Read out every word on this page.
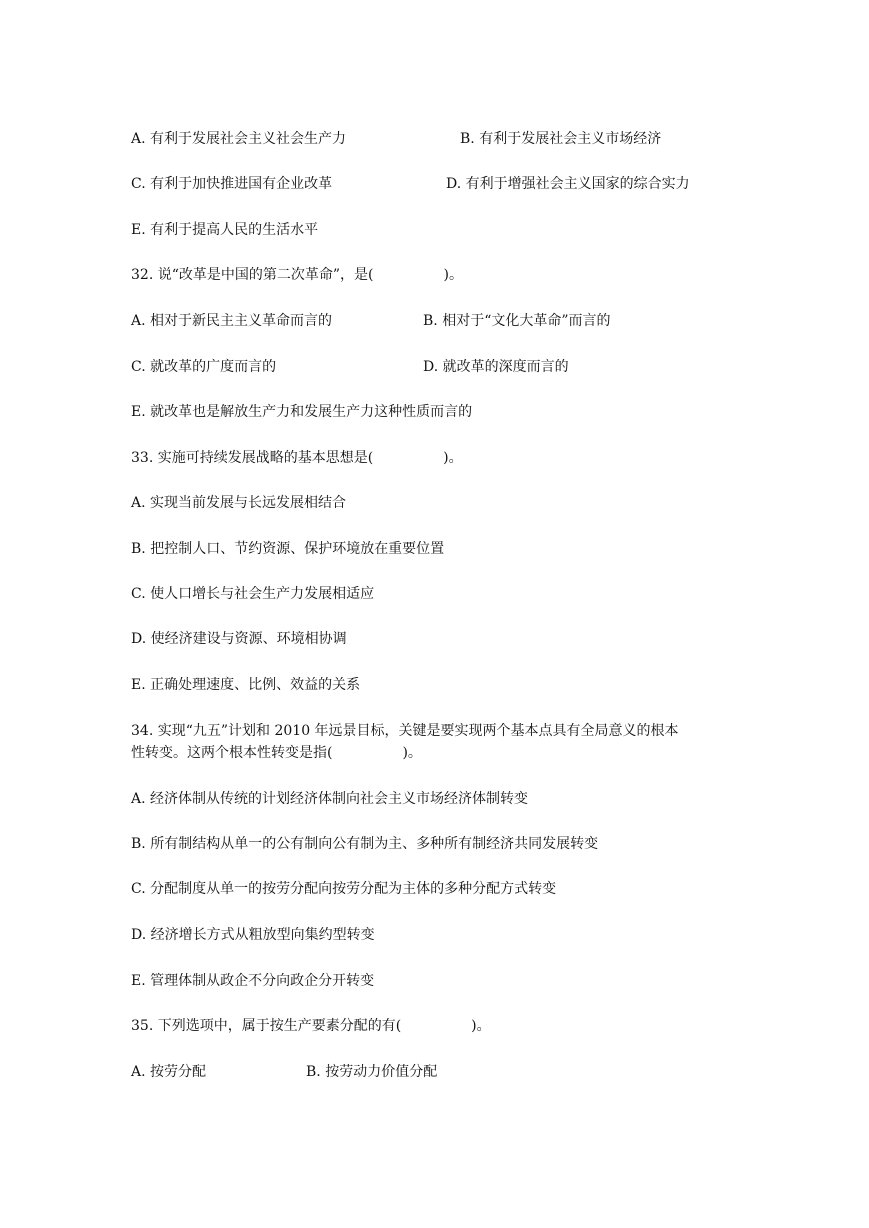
A. 有利于发展社会主义社会生产力	B. 有利于发展社会主义市场经济
C. 有利于加快推进国有企业改革	D. 有利于增强社会主义国家的综合实力
E. 有利于提高人民的生活水平
32. 说“改革是中国的第二次革命”，是(　　　　　)。
A. 相对于新民主主义革命而言的	B. 相对于“文化大革命”而言的
C. 就改革的广度而言的	D. 就改革的深度而言的
E. 就改革也是解放生产力和发展生产力这种性质而言的
33. 实施可持续发展战略的基本思想是(　　　　　)。
A. 实现当前发展与长远发展相结合
B. 把控制人口、节约资源、保护环境放在重要位置
C. 使人口增长与社会生产力发展相适应
D. 使经济建设与资源、环境相协调
E. 正确处理速度、比例、效益的关系
34. 实现“九五”计划和 2010 年远景目标，关键是要实现两个基本点具有全局意义的根本
性转变。这两个根本性转变是指(　　　　　)。
A. 经济体制从传统的计划经济体制向社会主义市场经济体制转变
B. 所有制结构从单一的公有制向公有制为主、多种所有制经济共同发展转变
C. 分配制度从单一的按劳分配向按劳分配为主体的多种分配方式转变
D. 经济增长方式从粗放型向集约型转变
E. 管理体制从政企不分向政企分开转变
35. 下列选项中，属于按生产要素分配的有(　　　　　)。
A. 按劳分配	B. 按劳动力价值分配
